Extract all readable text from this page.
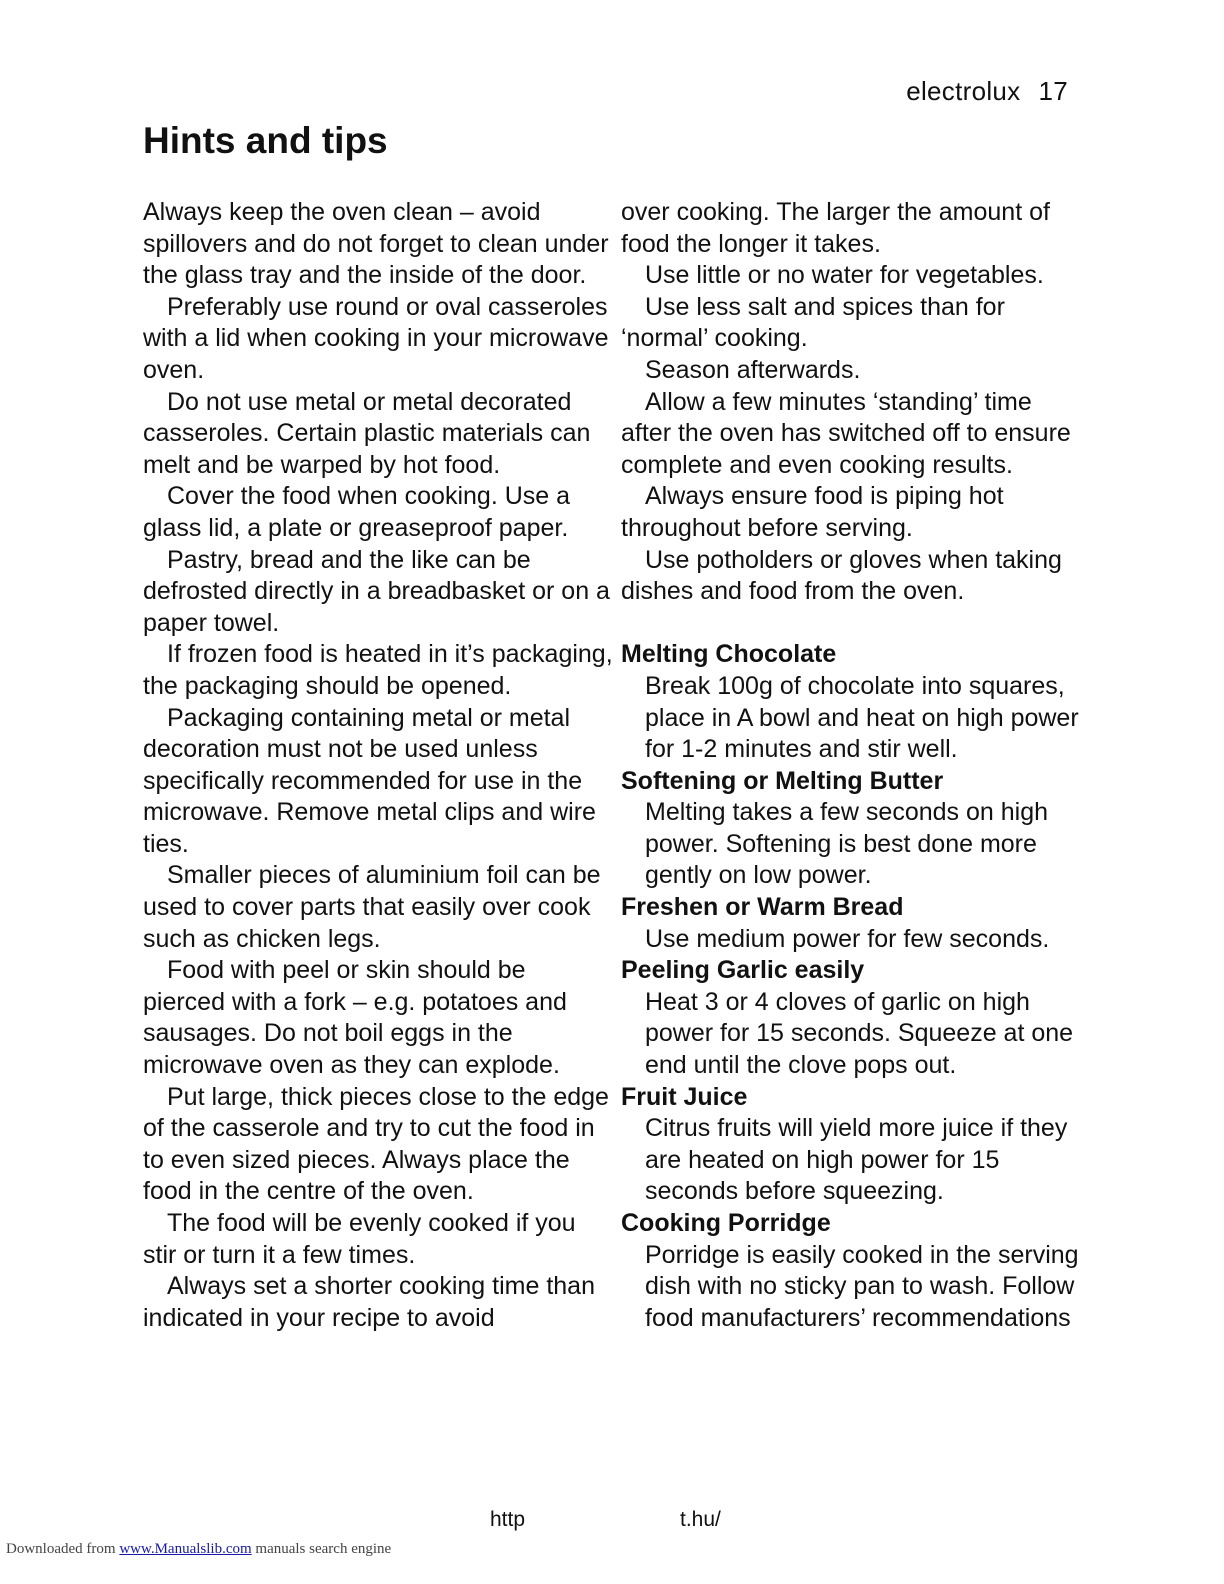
electrolux 17
Hints and tips

Always keep the oven clean – avoid spillovers and do not forget to clean under the glass tray and the inside of the door.

Preferably use round or oval casseroles with a lid when cooking in your microwave oven.

Do not use metal or metal decorated casseroles. Certain plastic materials can melt and be warped by hot food.

Cover the food when cooking. Use a glass lid, a plate or greaseproof paper.

Pastry, bread and the like can be defrosted directly in a breadbasket or on a paper towel.

If frozen food is heated in it’s packaging, the packaging should be opened.

Packaging containing metal or metal decoration must not be used unless specifically recommended for use in the microwave. Remove metal clips and wire ties.

Smaller pieces of aluminium foil can be used to cover parts that easily over cook such as chicken legs.

Food with peel or skin should be pierced with a fork – e.g. potatoes and sausages. Do not boil eggs in the microwave oven as they can explode.

Put large, thick pieces close to the edge of the casserole and try to cut the food in to even sized pieces. Always place the food in the centre of the oven.

The food will be evenly cooked if you stir or turn it a few times.

Always set a shorter cooking time than indicated in your recipe to avoid

over cooking. The larger the amount of food the longer it takes.

Use little or no water for vegetables.

Use less salt and spices than for ‘normal’ cooking.

Season afterwards.

Allow a few minutes ‘standing’ time after the oven has switched off to ensure complete and even cooking results.

Always ensure food is piping hot throughout before serving.

Use potholders or gloves when taking dishes and food from the oven.

Melting Chocolate

Break 100g of chocolate into squares, place in A bowl and heat on high power for 1-2 minutes and stir well.

Softening or Melting Butter

Melting takes a few seconds on high power. Softening is best done more gently on low power.

Freshen or Warm Bread

Use medium power for few seconds.

Peeling Garlic easily

Heat 3 or 4 cloves of garlic on high power for 15 seconds. Squeeze at one end until the clove pops out.

Fruit Juice

Citrus fruits will yield more juice if they are heated on high power for 15 seconds before squeezing.

Cooking Porridge

Porridge is easily cooked in the serving dish with no sticky pan to wash. Follow food manufacturers’ recommendations

http	t.hu/
Downloaded from www.Manualslib.com manuals search engine
